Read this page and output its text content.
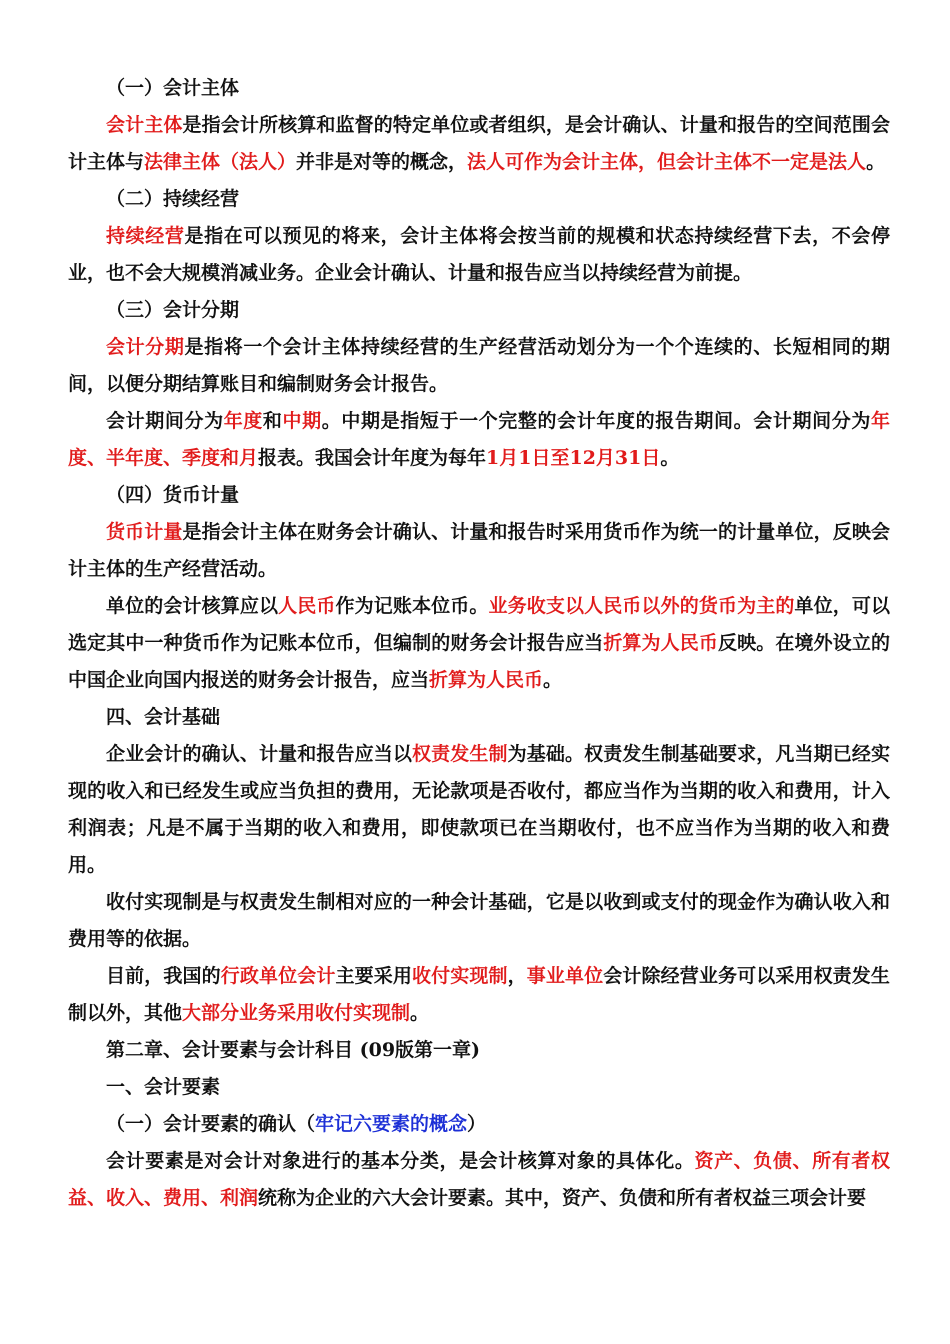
（一）会计主体

会计主体是指会计所核算和监督的特定单位或者组织，是会计确认、计量和报告的空间范围会计主体与法律主体（法人）并非是对等的概念，法人可作为会计主体，但会计主体不一定是法人。

（二）持续经营

持续经营是指在可以预见的将来，会计主体将会按当前的规模和状态持续经营下去，不会停业，也不会大规模消减业务。企业会计确认、计量和报告应当以持续经营为前提。

（三）会计分期

会计分期是指将一个会计主体持续经营的生产经营活动划分为一个个连续的、长短相同的期间，以便分期结算账目和编制财务会计报告。

会计期间分为年度和中期。中期是指短于一个完整的会计年度的报告期间。会计期间分为年度、半年度、季度和月报表。我国会计年度为每年1月1日至12月31日。

（四）货币计量

货币计量是指会计主体在财务会计确认、计量和报告时采用货币作为统一的计量单位，反映会计主体的生产经营活动。

单位的会计核算应以人民币作为记账本位币。业务收支以人民币以外的货币为主的单位，可以选定其中一种货币作为记账本位币，但编制的财务会计报告应当折算为人民币反映。在境外设立的中国企业向国内报送的财务会计报告，应当折算为人民币。

四、会计基础

企业会计的确认、计量和报告应当以权责发生制为基础。权责发生制基础要求，凡当期已经实现的收入和已经发生或应当负担的费用，无论款项是否收付，都应当作为当期的收入和费用，计入利润表；凡是不属于当期的收入和费用，即使款项已在当期收付，也不应当作为当期的收入和费用。

收付实现制是与权责发生制相对应的一种会计基础，它是以收到或支付的现金作为确认收入和费用等的依据。

目前，我国的行政单位会计主要采用收付实现制，事业单位会计除经营业务可以采用权责发生制以外，其他大部分业务采用收付实现制。

第二章、会计要素与会计科目 (09版第一章)

一、会计要素

（一）会计要素的确认（牢记六要素的概念）

会计要素是对会计对象进行的基本分类，是会计核算对象的具体化。资产、负债、所有者权益、收入、费用、利润统称为企业的六大会计要素。其中，资产、负债和所有者权益三项会计要
